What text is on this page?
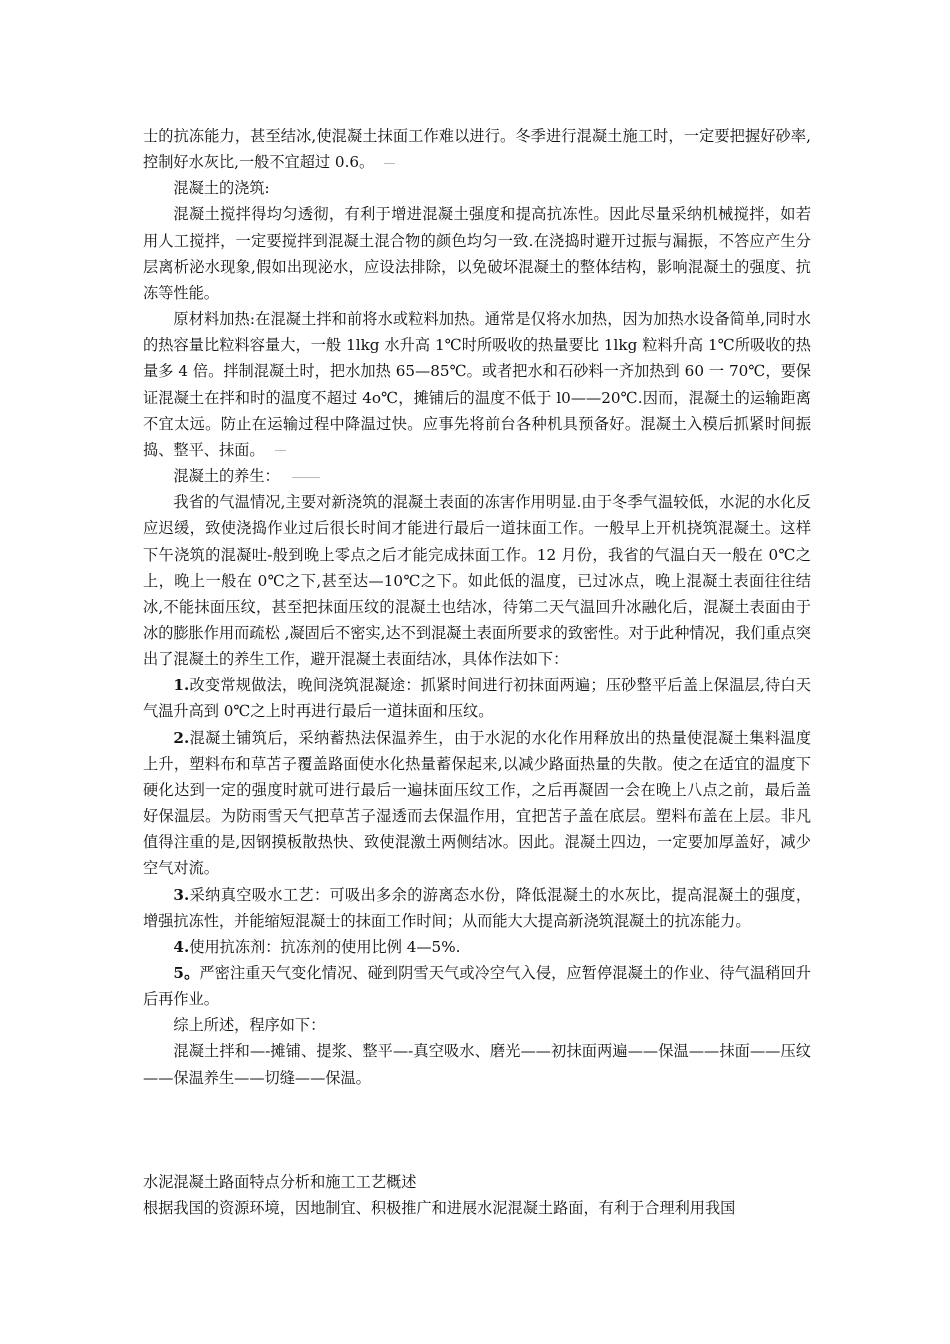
士的抗冻能力，甚至结冰,使混凝土抹面工作难以进行。冬季进行混凝土施工时，一定要把握好砂率,控制好水灰比,一般不宜超过 0.6。

混凝土的浇筑:

混凝土搅拌得均匀透彻，有利于增进混凝土强度和提高抗冻性。因此尽量采纳机械搅拌，如若用人工搅拌，一定要搅拌到混凝土混合物的颜色均匀一致.在浇捣时避开过振与漏振，不答应产生分层离析泌水现象,假如出现泌水，应设法排除，以免破坏混凝土的整体结构，影响混凝土的强度、抗冻等性能。

原材料加热:在混凝土拌和前将水或粒料加热。通常是仅将水加热，因为加热水设备简单,同时水的热容量比粒料容量大，一般 1lkg 水升高 1℃时所吸收的热量要比 1lkg 粒料升高 1℃所吸收的热量多 4 倍。拌制混凝土时，把水加热 65—85℃。或者把水和石砂料一齐加热到 60 一 70℃，要保证混凝土在拌和时的温度不超过 4o℃，摊铺后的温度不低于 l0——20℃.因而，混凝土的运输距离不宜太远。防止在运输过程中降温过快。应事先将前台各种机具预备好。混凝土入模后抓紧时间振捣、整平、抹面。

混凝土的养生：

我省的气温情况,主要对新浇筑的混凝土表面的冻害作用明显.由于冬季气温较低，水泥的水化反应迟缓，致使浇捣作业过后很长时间才能进行最后一道抹面工作。一般早上开机挠筑混凝土。这样下午浇筑的混凝吐-般到晚上零点之后才能完成抹面工作。12 月份，我省的气温白天一般在 0℃之上，晚上一般在 0℃之下,甚至达—10℃之下。如此低的温度，已过冰点，晚上混凝土表面往往结冰,不能抹面压纹，甚至把抹面压纹的混凝土也结冰，待第二天气温回升冰融化后，混凝土表面由于冰的膨胀作用而疏松 ,凝固后不密实,达不到混凝土表面所要求的致密性。对于此种情况，我们重点突出了混凝土的养生工作，避开混凝土表面结冰，具体作法如下：

1.改变常规做法，晚间浇筑混凝途：抓紧时间进行初抹面两遍；压砂整平后盖上保温层,待白天气温升高到 0℃之上时再进行最后一道抹面和压纹。

2.混凝土铺筑后，采纳蓄热法保温养生，由于水泥的水化作用释放出的热量使混凝土集料温度上升，塑料布和草苫子覆盖路面使水化热量蓄保起来,以减少路面热量的失散。使之在适宜的温度下硬化达到一定的强度时就可进行最后一遍抹面压纹工作，之后再凝固一会在晚上八点之前，最后盖好保温层。为防雨雪天气把草苫子湿透而去保温作用，宜把苫子盖在底层。塑料布盖在上层。非凡值得注重的是,因钢摸板散热快、致使混激土两侧结冰。因此。混凝土四边，一定要加厚盖好，减少空气对流。

3.采纳真空吸水工艺：可吸出多余的游离态水份，降低混凝土的水灰比，提高混凝土的强度，增强抗冻性，并能缩短混凝士的抹面工作时间；从而能大大提高新浇筑混凝土的抗冻能力。

4.使用抗冻剂：抗冻剂的使用比例 4—5%.

5。严密注重天气变化情况、碰到阴雪天气或冷空气入侵，应暂停混凝土的作业、待气温稍回升后再作业。

综上所述，程序如下：

混凝土拌和—-摊铺、提浆、整平—-真空吸水、磨光——初抹面两遍——保温——抹面——压纹——保温养生——切缝——保温。

水泥混凝土路面特点分析和施工工艺概述

根据我国的资源环境，因地制宜、积极推广和进展水泥混凝土路面，有利于合理利用我国
